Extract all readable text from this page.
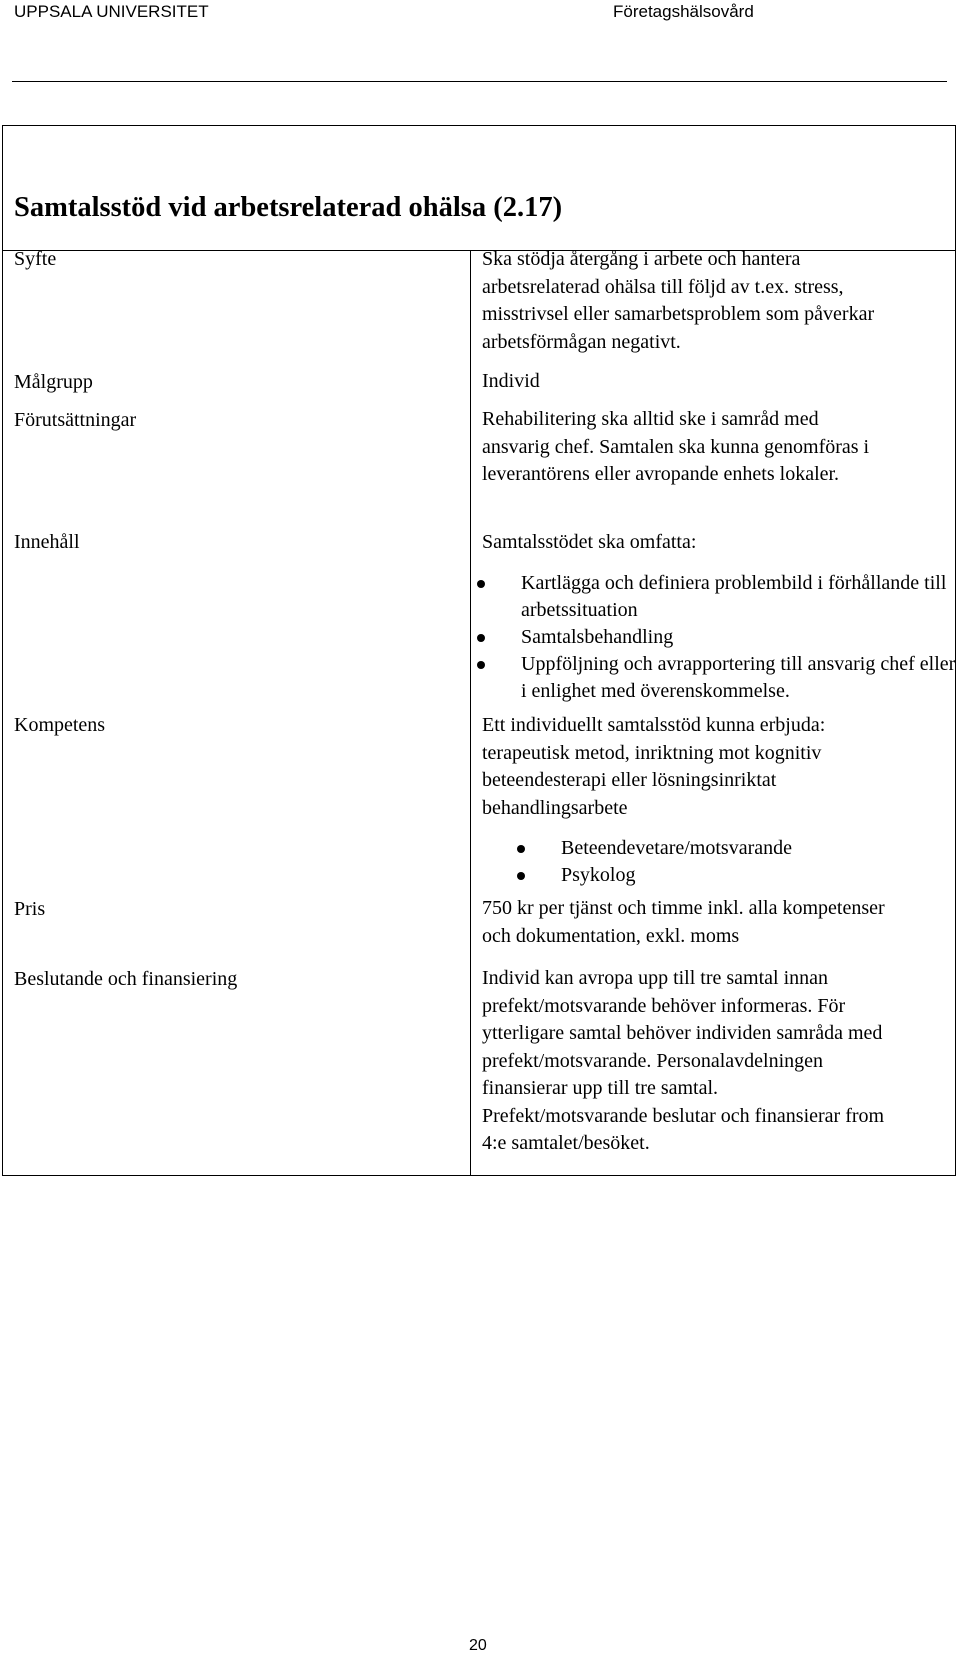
UPPSALA UNIVERSITET	Företagshälsovård
Samtalsstöd vid arbetsrelaterad ohälsa (2.17)
Syfte	Ska stödja återgång i arbete och hantera

arbetsrelaterad ohälsa till följd av t.ex. stress,

misstrivsel eller samarbetsproblem som påverkar

arbetsförmågan negativt.

Målgrupp	Individ
Förutsättningar	Rehabilitering ska alltid ske i samråd med

ansvarig chef. Samtalen ska kunna genomföras i

leverantörens eller avropande enhets lokaler.

Innehåll	Samtalsstödet ska omfatta:
Kartlägga och definiera problembild i förhållande till arbetssituation
Samtalsbehandling
Uppföljning och avrapportering till ansvarig chef eller i enlighet med överenskommelse.
Kompetens	Ett individuellt samtalsstöd kunna erbjuda:

terapeutisk metod, inriktning mot kognitiv

beteendesterapi eller lösningsinriktat

behandlingsarbete

Beteendevetare/motsvarande
Psykolog
Pris	750 kr per tjänst och timme inkl. alla kompetenser

och dokumentation, exkl. moms

Beslutande och finansiering	Individ kan avropa upp till tre samtal innan

prefekt/motsvarande behöver informeras. För

ytterligare samtal behöver individen samråda med

prefekt/motsvarande. Personalavdelningen

finansierar upp till tre samtal.

Prefekt/motsvarande beslutar och finansierar from

4:e samtalet/besöket.

20
